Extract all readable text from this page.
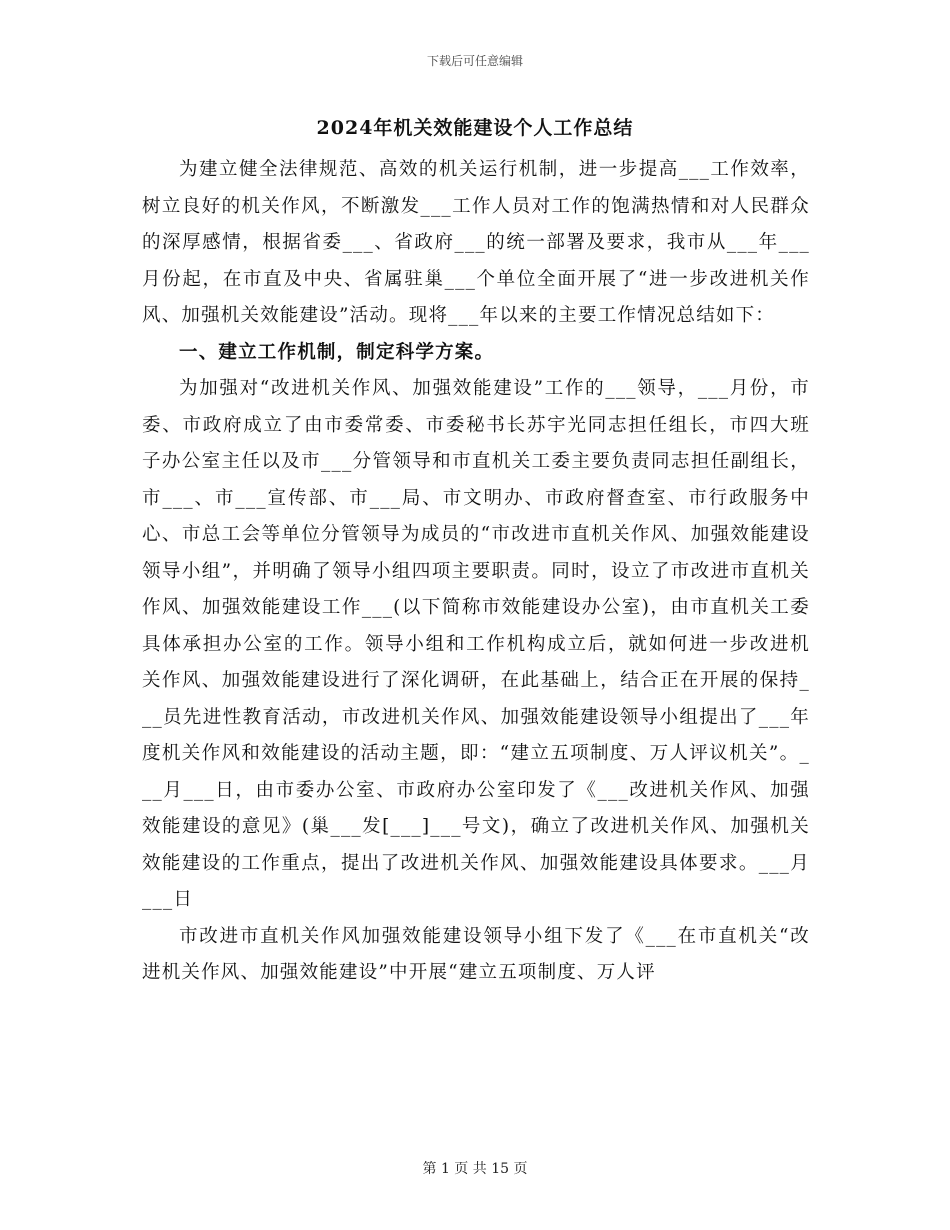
下载后可任意编辑
2024年机关效能建设个人工作总结

为建立健全法律规范、高效的机关运行机制，进一步提高___工作效率，树立良好的机关作风，不断激发___工作人员对工作的饱满热情和对人民群众的深厚感情，根据省委___、省政府___的统一部署及要求，我市从___年___月份起，在市直及中央、省属驻巢___个单位全面开展了“进一步改进机关作风、加强机关效能建设”活动。现将___年以来的主要工作情况总结如下：

一、建立工作机制，制定科学方案。

为加强对“改进机关作风、加强效能建设”工作的___领导，___月份，市委、市政府成立了由市委常委、市委秘书长苏宇光同志担任组长，市四大班子办公室主任以及市___分管领导和市直机关工委主要负责同志担任副组长，市___、市___宣传部、市___局、市文明办、市政府督查室、市行政服务中心、市总工会等单位分管领导为成员的“市改进市直机关作风、加强效能建设领导小组”，并明确了领导小组四项主要职责。同时，设立了市改进市直机关作风、加强效能建设工作___(以下简称市效能建设办公室)，由市直机关工委具体承担办公室的工作。领导小组和工作机构成立后，就如何进一步改进机关作风、加强效能建设进行了深化调研，在此基础上，结合正在开展的保持___员先进性教育活动，市改进机关作风、加强效能建设领导小组提出了___年度机关作风和效能建设的活动主题，即：“建立五项制度、万人评议机关”。___月___日，由市委办公室、市政府办公室印发了《___改进机关作风、加强效能建设的意见》(巢___发[___]___号文)，确立了改进机关作风、加强机关效能建设的工作重点，提出了改进机关作风、加强效能建设具体要求。___月___日

市改进市直机关作风加强效能建设领导小组下发了《___在市直机关“改进机关作风、加强效能建设”中开展“建立五项制度、万人评

第 1 页 共 15 页
